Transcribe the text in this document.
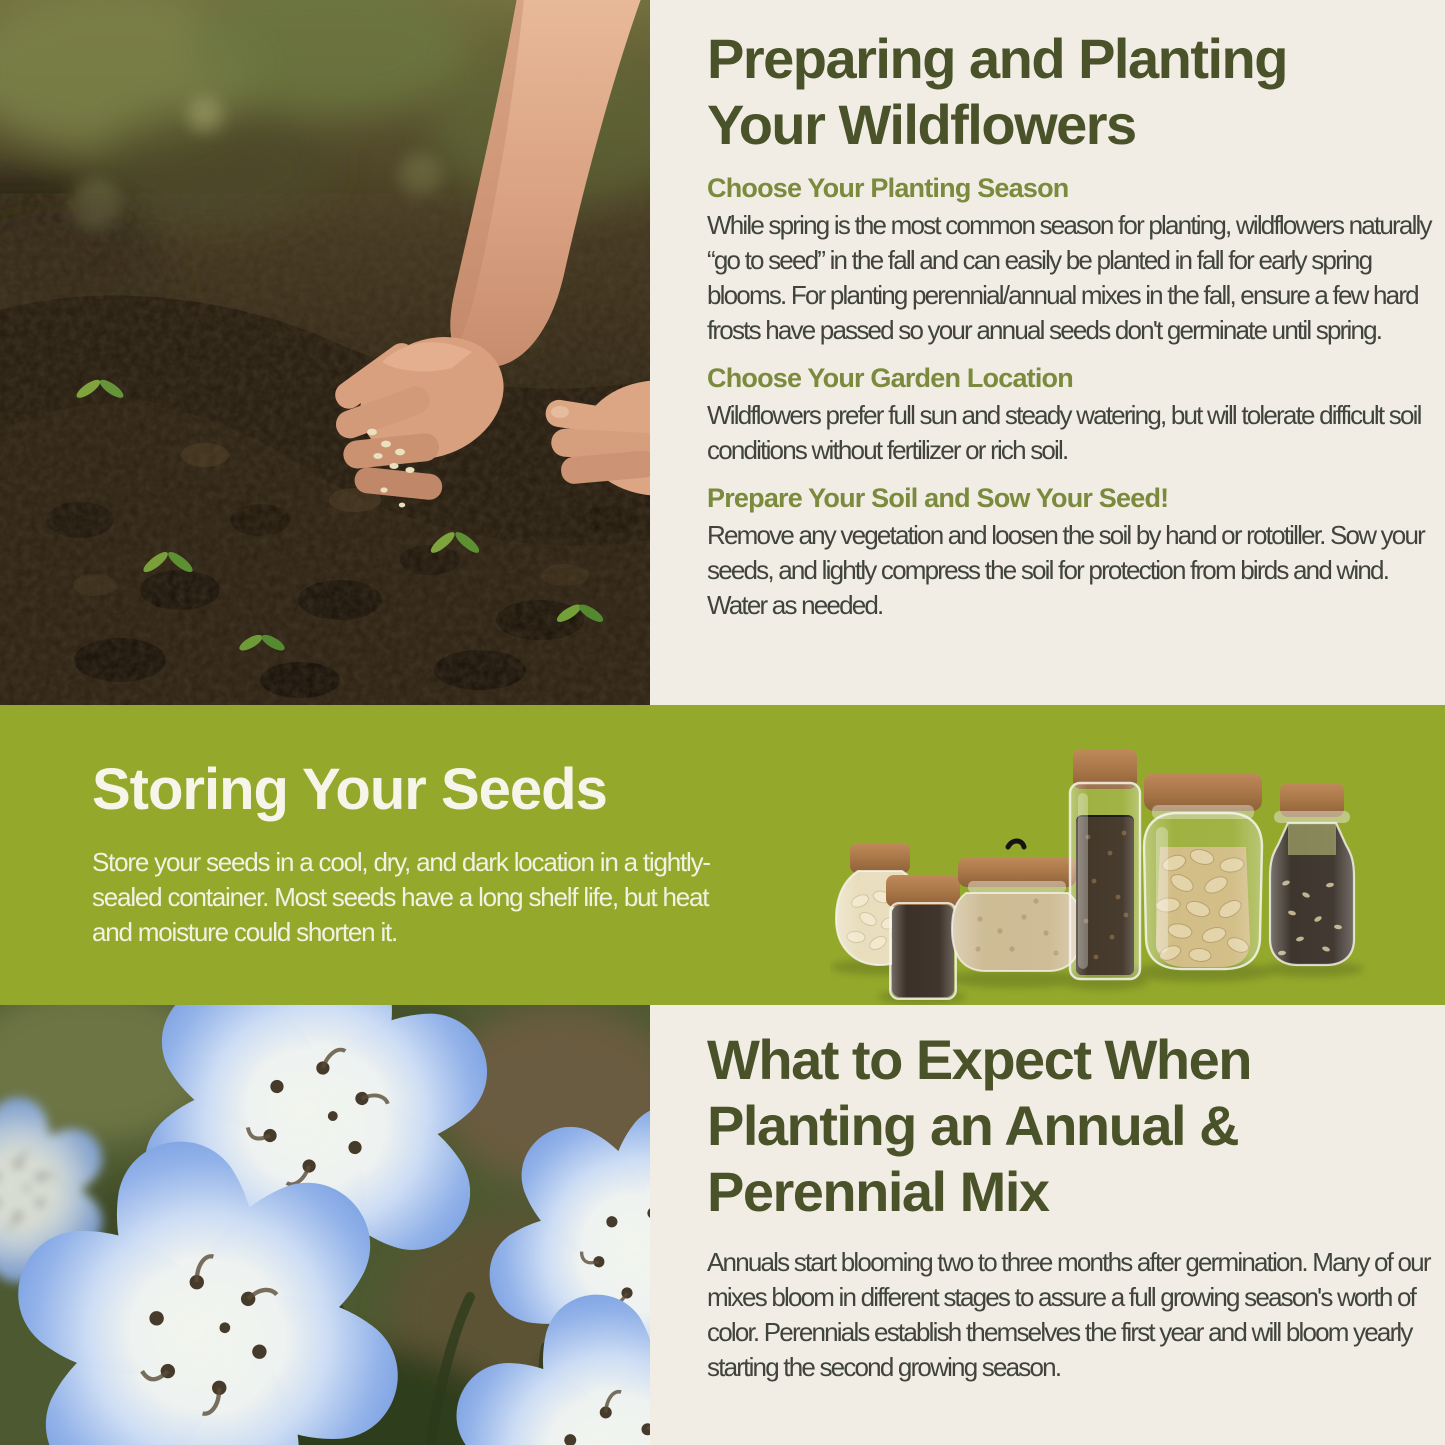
Preparing and Planting
Your Wildflowers
Choose Your Planting Season

While spring is the most common season for planting, wildflowers naturally “go to seed” in the fall and can easily be planted in fall for early spring blooms. For planting perennial/annual mixes in the fall, ensure a few hard frosts have passed so your annual seeds don't germinate until spring.

Choose Your Garden Location

Wildflowers prefer full sun and steady watering, but will tolerate difficult soil conditions without fertilizer or rich soil.

Prepare Your Soil and Sow Your Seed!

Remove any vegetation and loosen the soil by hand or rototiller. Sow your seeds, and lightly compress the soil for protection from birds and wind. Water as needed.

Storing Your Seeds

Store your seeds in a cool, dry, and dark location in a tightly-sealed container. Most seeds have a long shelf life, but heat and moisture could shorten it.

What to Expect When
Planting an Annual &
Perennial Mix

Annuals start blooming two to three months after germination. Many of our mixes bloom in different stages to assure a full growing season's worth of color. Perennials establish themselves the first year and will bloom yearly starting the second growing season.
